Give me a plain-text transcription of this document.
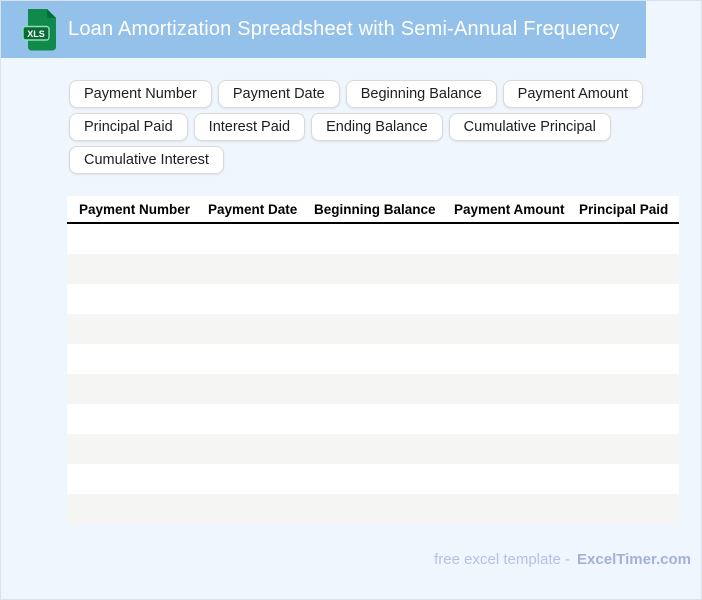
XLS Loan Amortization Spreadsheet with Semi-Annual Frequency
Payment Number	Payment Date	Beginning Balance	Payment Amount
Principal Paid	Interest Paid	Ending Balance	Cumulative Principal
Cumulative Interest
Payment Number	Payment Date	Beginning Balance	Payment Amount	Principal Paid
free excel template - ExcelTimer.com
